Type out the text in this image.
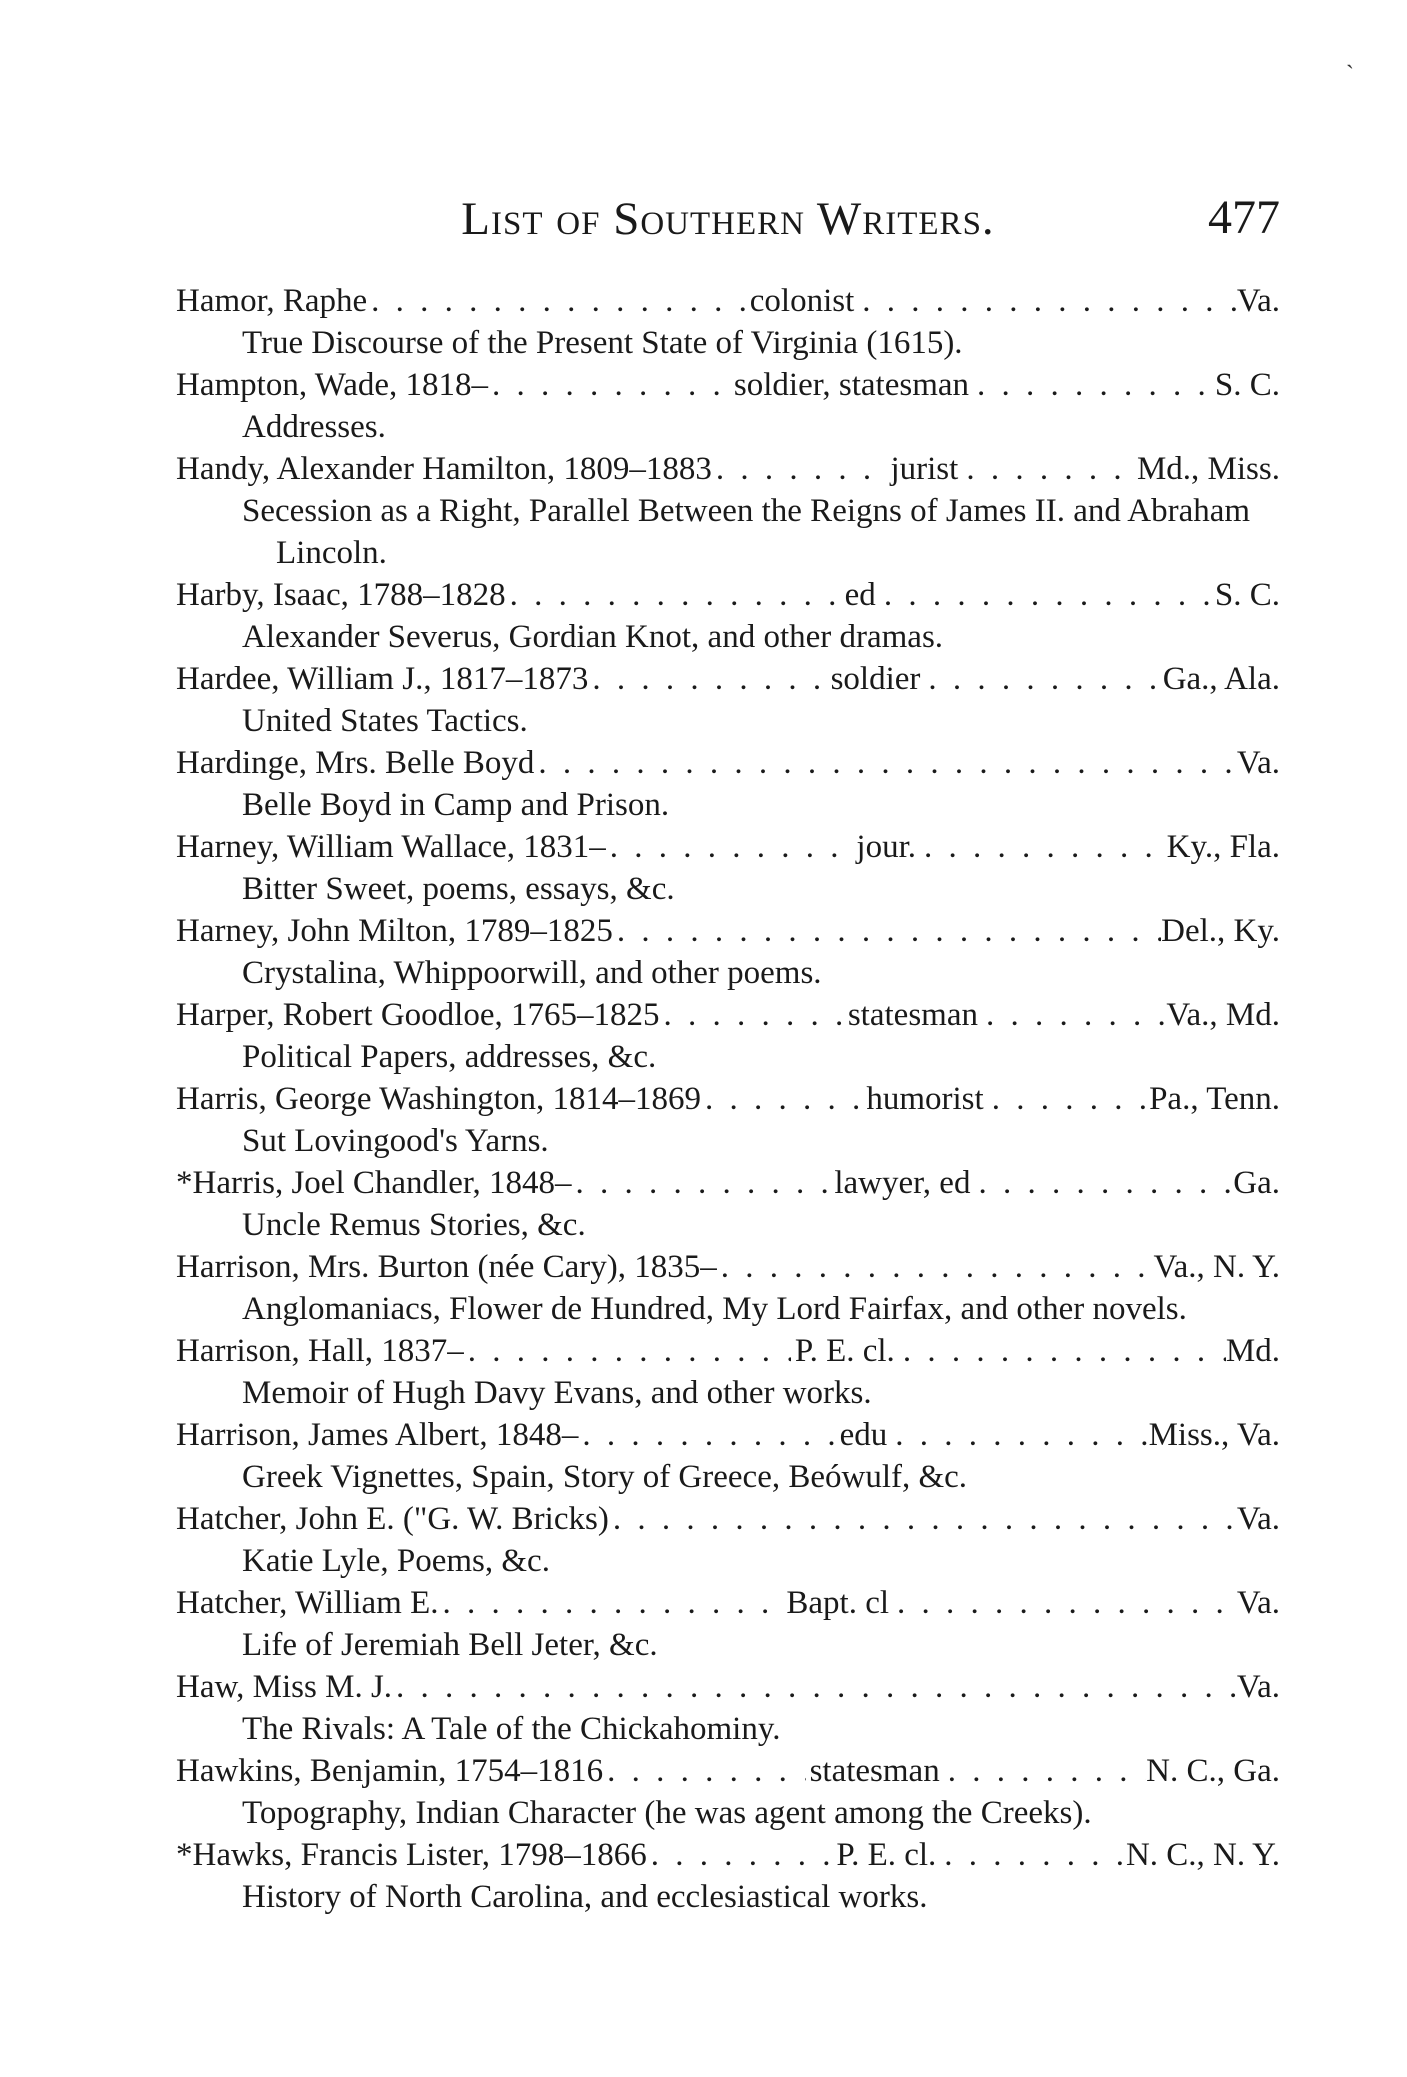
`
List of Southern Writers.	477
Hamor, Raphe . . .	colonist . . .	Va.
True Discourse of the Present State of Virginia (1615).
Hampton, Wade, 1818– . . .	soldier, statesman . . .	S. C.
Addresses.
Handy, Alexander Hamilton, 1809–1883 . . .	jurist . . .	Md., Miss.
Secession as a Right, Parallel Between the Reigns of James II. and Abraham Lincoln.
Harby, Isaac, 1788–1828 . . .	ed . . .	S. C.
Alexander Severus, Gordian Knot, and other dramas.
Hardee, William J., 1817–1873 . . .	soldier . . .	Ga., Ala.
United States Tactics.
Hardinge, Mrs. Belle Boyd . . .	Va.
Belle Boyd in Camp and Prison.
Harney, William Wallace, 1831– . . .	jour. . . .	Ky., Fla.
Bitter Sweet, poems, essays, &c.
Harney, John Milton, 1789–1825 . . .	Del., Ky.
Crystalina, Whippoorwill, and other poems.
Harper, Robert Goodloe, 1765–1825 . . .	statesman . . .	Va., Md.
Political Papers, addresses, &c.
Harris, George Washington, 1814–1869 . . .	humorist . . .	Pa., Tenn.
Sut Lovingood's Yarns.
*Harris, Joel Chandler, 1848– . . .	lawyer, ed . . .	Ga.
Uncle Remus Stories, &c.
Harrison, Mrs. Burton (née Cary), 1835– . . .	Va., N. Y.
Anglomaniacs, Flower de Hundred, My Lord Fairfax, and other novels.
Harrison, Hall, 1837– . . .	P. E. cl. . . .	Md.
Memoir of Hugh Davy Evans, and other works.
Harrison, James Albert, 1848– . . .	edu . . .	Miss., Va.
Greek Vignettes, Spain, Story of Greece, Beówulf, &c.
Hatcher, John E. ("G. W. Bricks) . . .	Va.
Katie Lyle, Poems, &c.
Hatcher, William E. . . .	Bapt. cl . . .	Va.
Life of Jeremiah Bell Jeter, &c.
Haw, Miss M. J. . . .	Va.
The Rivals: A Tale of the Chickahominy.
Hawkins, Benjamin, 1754–1816 . . .	statesman . . .	N. C., Ga.
Topography, Indian Character (he was agent among the Creeks).
*Hawks, Francis Lister, 1798–1866 . . .	P. E. cl. . . .	N. C., N. Y.
History of North Carolina, and ecclesiastical works.
